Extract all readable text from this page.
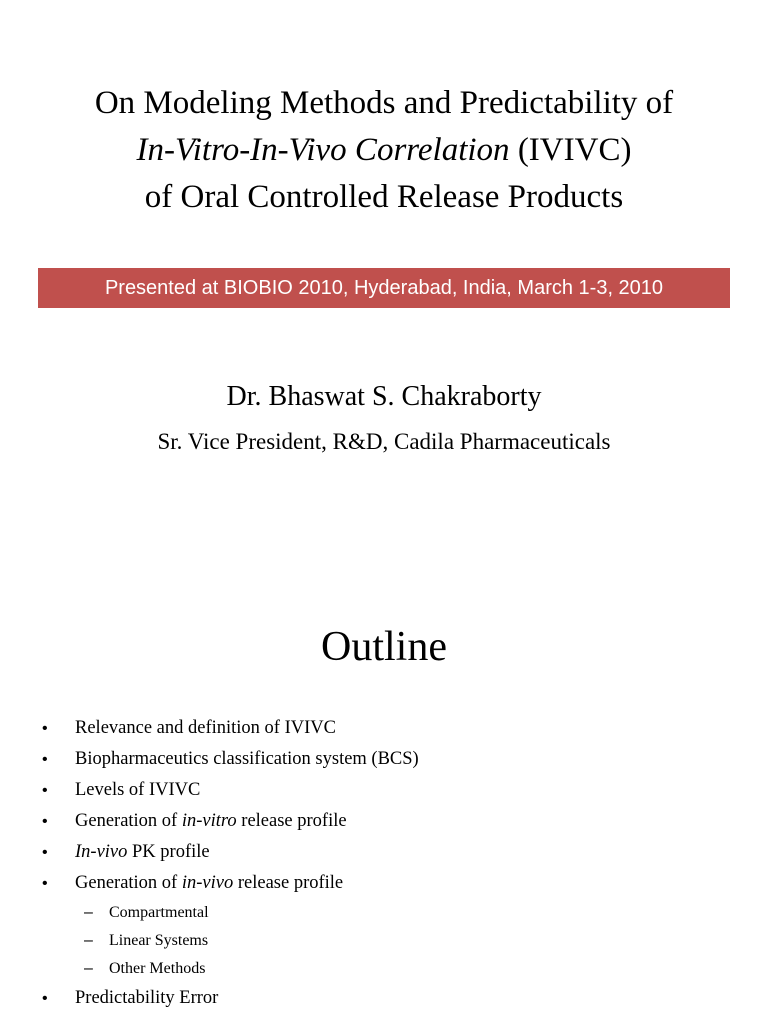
On Modeling Methods and Predictability of
In-Vitro-In-Vivo Correlation (IVIVC)
of Oral Controlled Release Products
Presented at BIOBIO 2010, Hyderabad, India, March 1-3, 2010
Dr. Bhaswat S. Chakraborty
Sr. Vice President, R&D, Cadila Pharmaceuticals
Outline
• Relevance and definition of IVIVC
• Biopharmaceutics classification system (BCS)
• Levels of IVIVC
• Generation of in-vitro release profile
• In-vivo PK profile
• Generation of in-vivo release profile
– Compartmental
– Linear Systems
– Other Methods
• Predictability Error
